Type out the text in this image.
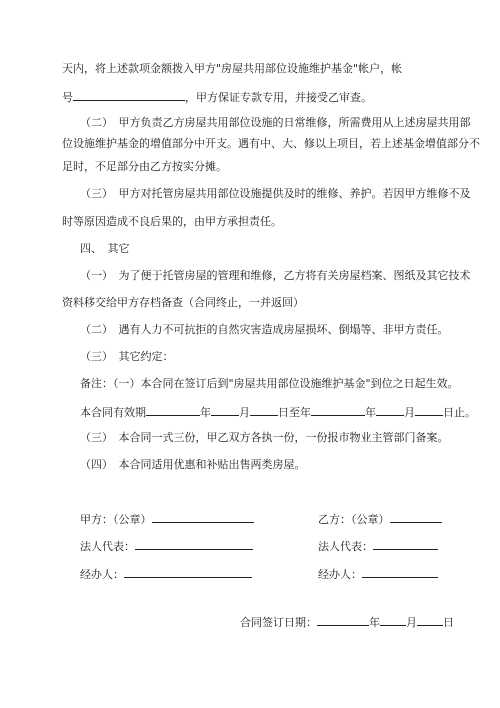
天内，将上述款项金额拨入甲方"房屋共用部位设施维护基金"帐户，帐
号	，甲方保证专款专用，并接受乙审查。
（二）　甲方负责乙方房屋共用部位设施的日常维修，所需费用从上述房屋共用部
位设施维护基金的增值部分中开支。遇有中、大、修以上项目，若上述基金增值部分不
足时，不足部分由乙方按实分摊。
（三）　甲方对托管房屋共用部位设施提供及时的维修、养护。若因甲方维修不及
时等原因造成不良后果的，由甲方承担责任。
四、　其它
（一）　为了便于托管房屋的管理和维修，乙方将有关房屋档案、图纸及其它技术
资料移交给甲方存档备查（合同终止，一并返回）
（二）　遇有人力不可抗拒的自然灾害造成房屋损坏、倒塌等、非甲方责任。
（三）　其它约定：
备注：（一）本合同在签订后到"房屋共用部位设施维护基金"到位之日起生效。
本合同有效期	年	月	日至年	年	月	日止。
（三）　本合同一式三份，甲乙双方各执一份，一份报市物业主管部门备案。
（四）　本合同适用优惠和补贴出售两类房屋。
甲方：（公章）	乙方：（公章）
法人代表：	法人代表：
经办人：	经办人：
合同签订日期：	年 月 日
